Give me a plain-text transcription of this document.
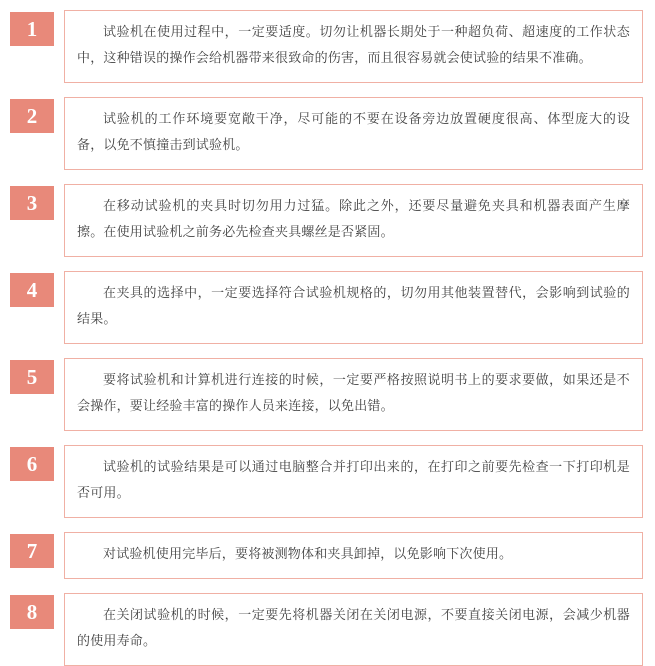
1	试验机在使用过程中，一定要适度。切勿让机器长期处于一种超负荷、超速度的工作状态中，这种错误的操作会给机器带来很致命的伤害，而且很容易就会使试验的结果不准确。

2	试验机的工作环境要宽敞干净，尽可能的不要在设备旁边放置硬度很高、体型庞大的设备，以免不慎撞击到试验机。

3	在移动试验机的夹具时切勿用力过猛。除此之外，还要尽量避免夹具和机器表面产生摩擦。在使用试验机之前务必先检查夹具螺丝是否紧固。

4	在夹具的选择中，一定要选择符合试验机规格的，切勿用其他装置替代，会影响到试验的结果。

5	要将试验机和计算机进行连接的时候，一定要严格按照说明书上的要求要做，如果还是不会操作，要让经验丰富的操作人员来连接，以免出错。

6	试验机的试验结果是可以通过电脑整合并打印出来的，在打印之前要先检查一下打印机是否可用。

7	对试验机使用完毕后，要将被测物体和夹具卸掉，以免影响下次使用。

8	在关闭试验机的时候，一定要先将机器关闭在关闭电源，不要直接关闭电源，会减少机器的使用寿命。
